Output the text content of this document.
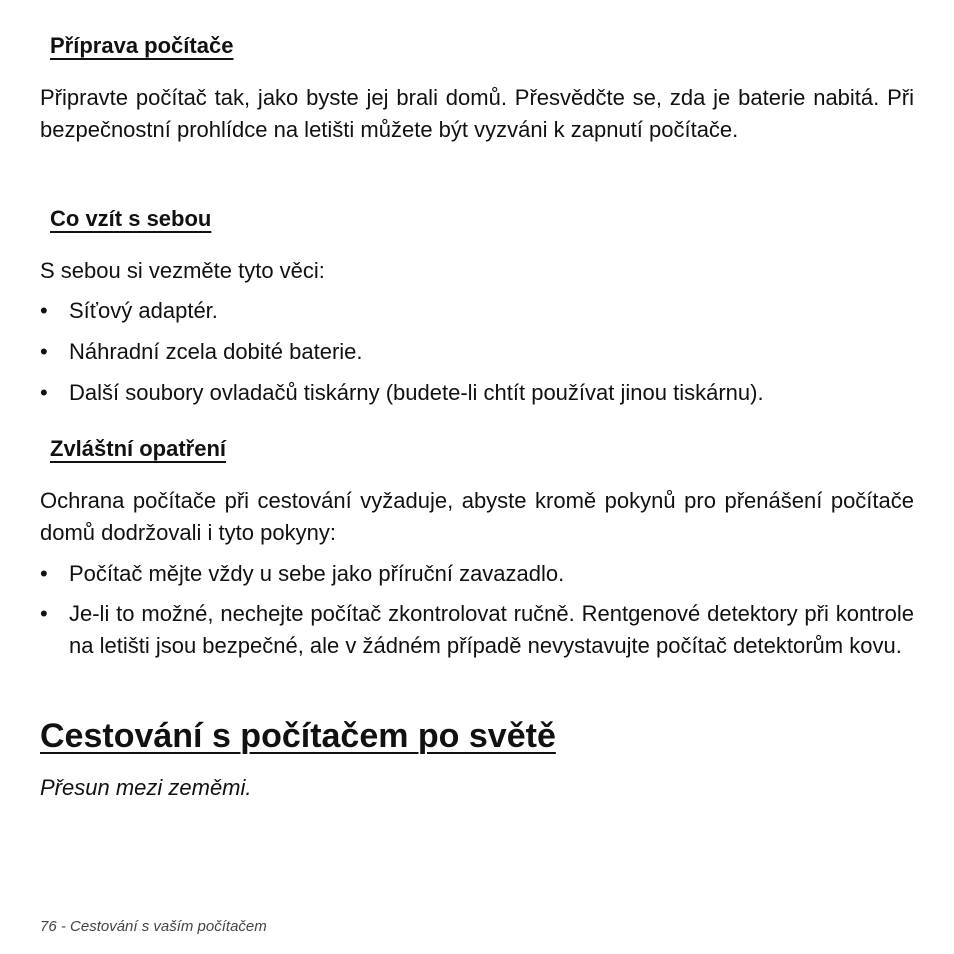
Příprava počítače

Připravte počítač tak, jako byste jej brali domů. Přesvědčte se, zda je baterie nabitá. Při bezpečnostní prohlídce na letišti můžete být vyzváni k zapnutí počítače.

Co vzít s sebou

S sebou si vezměte tyto věci:

• Síťový adaptér.
• Náhradní zcela dobité baterie.
• Další soubory ovladačů tiskárny (budete-li chtít používat jinou tiskárnu).
Zvláštní opatření

Ochrana počítače při cestování vyžaduje, abyste kromě pokynů pro přenášení počítače domů dodržovali i tyto pokyny:

• Počítač mějte vždy u sebe jako příruční zavazadlo.
• Je-li to možné, nechejte počítač zkontrolovat ručně. Rentgenové detektory při kontrole na letišti jsou bezpečné, ale v žádném případě nevystavujte počítač detektorům kovu.
Cestování s počítačem po světě

Přesun mezi zeměmi.

76 - Cestování s vaším počítačem
